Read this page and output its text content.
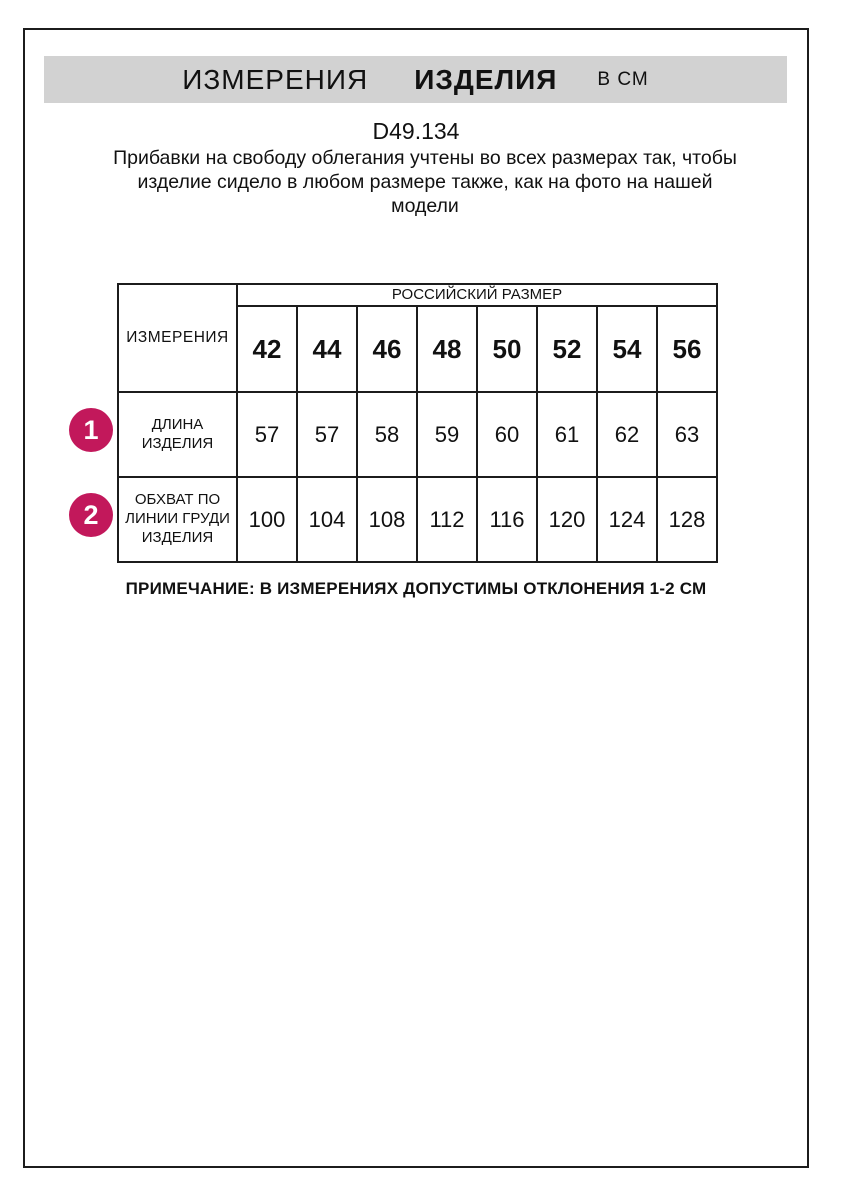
ИЗМЕРЕНИЯ ИЗДЕЛИЯ В СМ
D49.134
Прибавки на свободу облегания учтены во всех размерах так, чтобы изделие сидело в любом размере также, как на фото на нашей модели
ИЗМЕРЕНИЯ	РОССИЙСКИЙ РАЗМЕР							
	42	44	46	48	50	52	54	56
ДЛИНА ИЗДЕЛИЯ	57	57	58	59	60	61	62	63
ОБХВАТ ПО ЛИНИИ ГРУДИ ИЗДЕЛИЯ	100	104	108	112	116	120	124	128
1
2
ПРИМЕЧАНИЕ: В ИЗМЕРЕНИЯХ ДОПУСТИМЫ ОТКЛОНЕНИЯ 1-2 СМ
